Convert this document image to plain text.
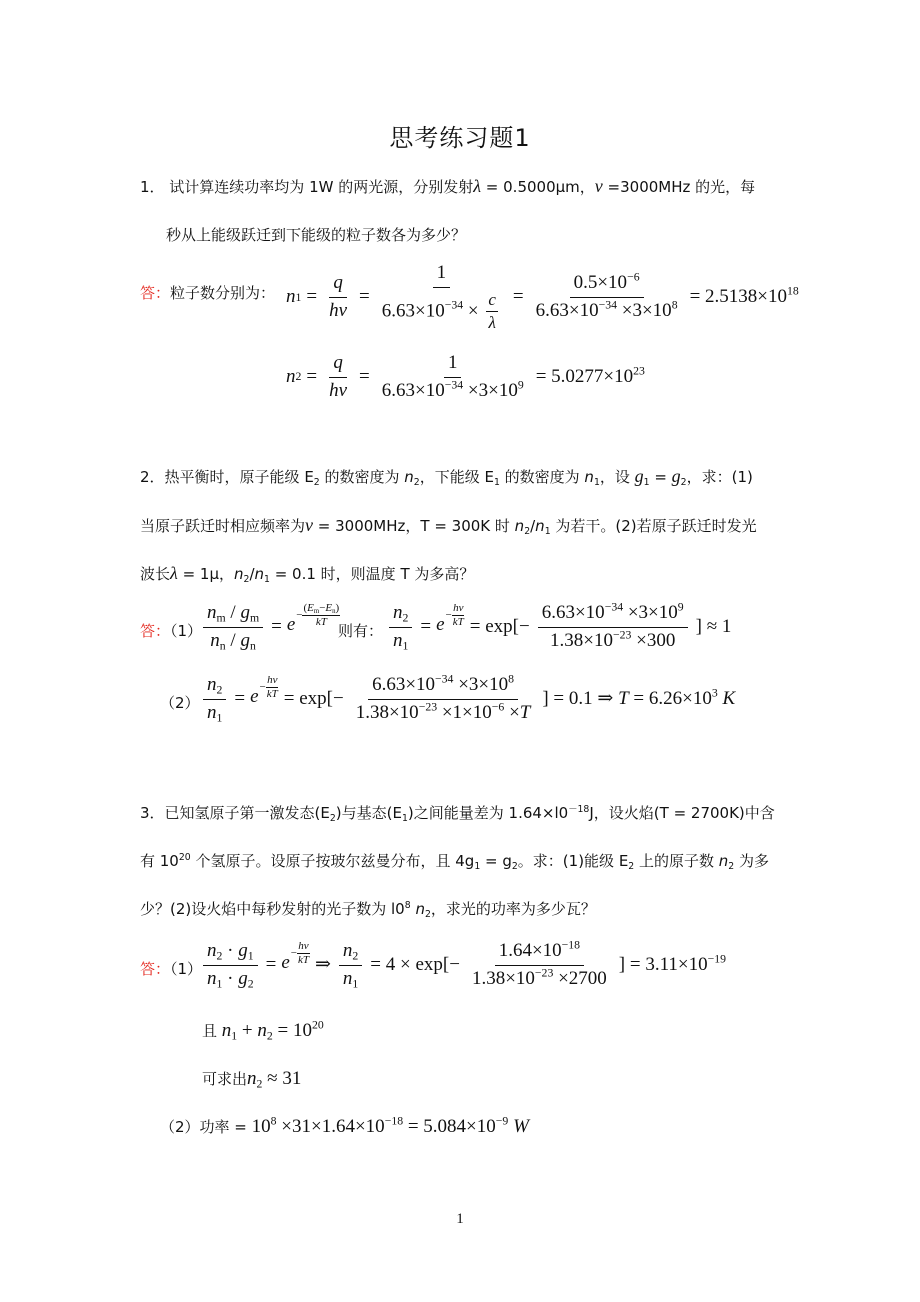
思考练习题1
1． 试计算连续功率均为 1W 的两光源，分别发射λ = 0.5000μm，ν =3000MHz 的光，每
秒从上能级跃迁到下能级的粒子数各为多少？
答：粒子数分别为： n $1 = \frac{q}{h\nu} = \frac{1}{6.63\times 10^{-34} \times \frac{c}{\lambda}} = \frac{0.5\times 10^{-6}}{6.63\times 10^{-34} \times 3\times 10^8} = 2.5138\times 10^{18}$
n $2 = \frac{q}{h\nu} = \frac{1}{6.63\times 10^{-34} \times 3\times 10^9} = 5.0277\times 10^{23}$
2．热平衡时，原子能级 $E_2$ 的数密度为 $n_2$，下能级 $E_1$ 的数密度为 $n_1$，设 $g_1 = g_2$，求：(1)
当原子跃迁时相应频率为ν = 3000MHz，T = 300K 时 $n_2/n_1$ 为若干。(2)若原子跃迁时发光
波长λ = 1μ，$n_2/n_1 = 0.1$ 时，则温度 T 为多高？
答：$(1) \frac{n_m / g_m}{n_n / g_n} = e - \frac{(E_m-E_n)}{kT}$
则有： $\frac{n_2}{n_1} = e - \frac{h\nu}{kT} = \exp[- \frac{6.63\times 10^{-34} \times 3\times 10^9}{1.38\times 10^{-23} \times 300}$ ] ≈ 1
$(2) \frac{n_2}{n_1} = e - \frac{h\nu}{kT} = \exp[- \frac{6.63\times 10^{-34} \times 3\times 10^8}{1.38\times 10^{-23} \times 1\times 10^{-6} \times T}$ ] = 0.1 ⇒ $T = 6.26\times 10^3$ K
3．已知氢原子第一激发态$(E_2)$与基态$(E_1)$之间能量差为 $1.64\times l0^{-18}J$，设火焰(T = 2700K)中含
有 $10^{20}$ 个氢原子。设原子按玻尔兹曼分布，且 $4g_1 = g_2$。求：(1)能级 $E_2$ 上的原子数 $n_2$ 为多
少？(2)设火焰中每秒发射的光子数为 $l0^8$ $n_2$，求光的功率为多少瓦？
答：$(1) \frac{n_2 \cdot g_1}{n_1 \cdot g_2} = e - \frac{h\nu}{kT}$ ⇒ $\frac{n_2}{n_1} = 4 \times \exp[- \frac{1.64\times 10^{-18}}{1.38\times 10^{-23} \times 2700}$ ] = $3.11\times 10^{-19}$
且 $n_1 + n_2 = 10^{20}$
可求出$n_2 \approx 31$
（2）功率 = $10^8 \times 31\times 1.64\times 10^{-18} = 5.084\times 10^{-9}$ W
1
